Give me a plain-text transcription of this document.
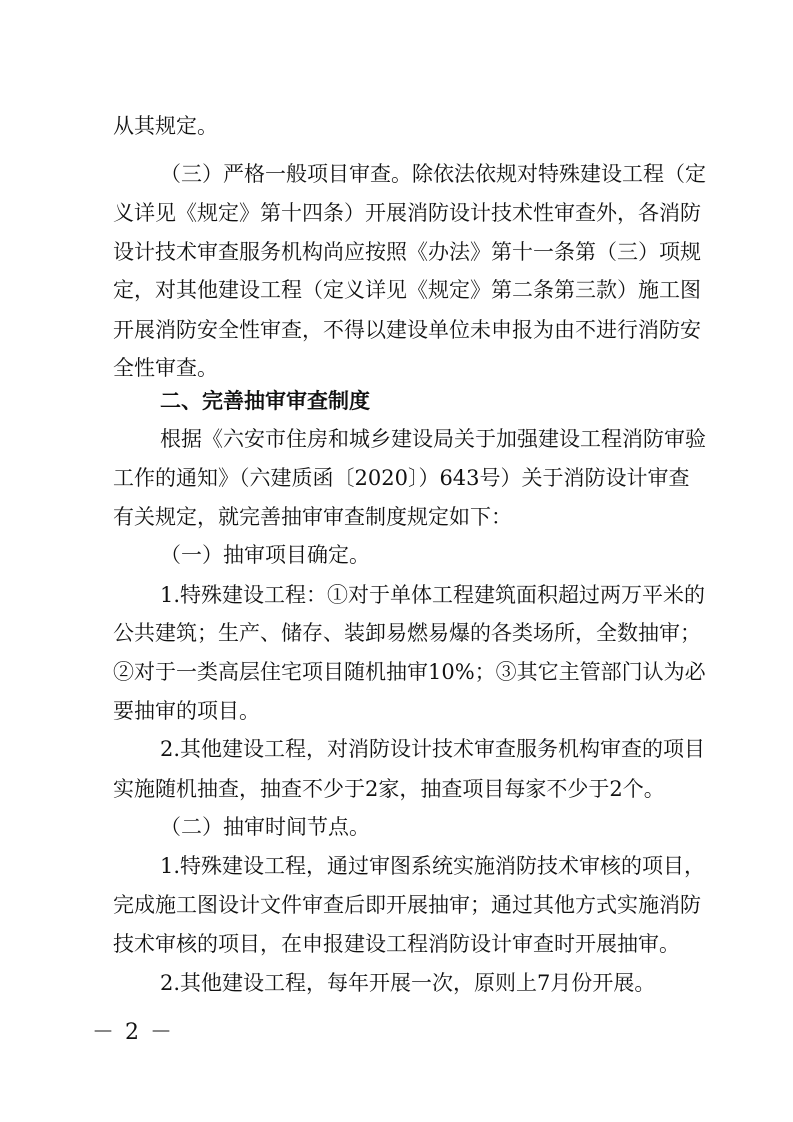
从其规定。
（三）严格一般项目审查。除依法依规对特殊建设工程（定
义详见《规定》第十四条）开展消防设计技术性审查外，各消防
设计技术审查服务机构尚应按照《办法》第十一条第（三）项规
定，对其他建设工程（定义详见《规定》第二条第三款）施工图
开展消防安全性审查，不得以建设单位未申报为由不进行消防安
全性审查。
二、完善抽审审查制度
根据《六安市住房和城乡建设局关于加强建设工程消防审验
工作的通知》（六建质函〔2020〕）643号）关于消防设计审查
有关规定，就完善抽审审查制度规定如下：
（一）抽审项目确定。
1.特殊建设工程：①对于单体工程建筑面积超过两万平米的
公共建筑；生产、储存、装卸易燃易爆的各类场所，全数抽审；
②对于一类高层住宅项目随机抽审10%；③其它主管部门认为必
要抽审的项目。
2.其他建设工程，对消防设计技术审查服务机构审查的项目
实施随机抽查，抽查不少于2家，抽查项目每家不少于2个。
（二）抽审时间节点。
1.特殊建设工程，通过审图系统实施消防技术审核的项目，
完成施工图设计文件审查后即开展抽审；通过其他方式实施消防
技术审核的项目，在申报建设工程消防设计审查时开展抽审。
2.其他建设工程，每年开展一次，原则上7月份开展。
－ 2 －
